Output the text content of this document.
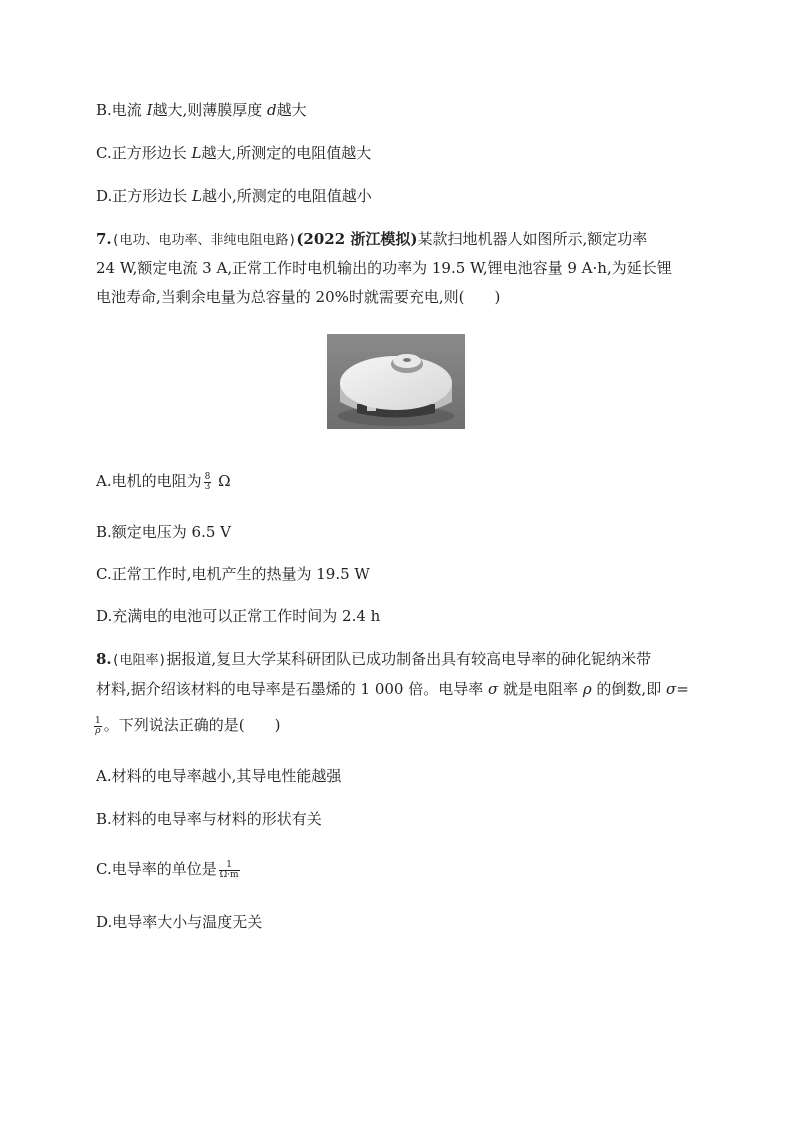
B.电流 I越大,则薄膜厚度 d越大
C.正方形边长 L越大,所测定的电阻值越大
D.正方形边长 L越小,所测定的电阻值越小
7.(电功、电功率、非纯电阻电路)(2022 浙江模拟)某款扫地机器人如图所示,额定功率
24 W,额定电流 3 A,正常工作时电机输出的功率为 19.5 W,锂电池容量 9 A·h,为延长锂
电池寿命,当剩余电量为总容量的 20%时就需要充电,则(　　)
A.电机的电阻为 $\frac{8}{3}$ Ω
B.额定电压为 6.5 V
C.正常工作时,电机产生的热量为 19.5 W
D.充满电的电池可以正常工作时间为 2.4 h
8.(电阻率)据报道,复旦大学某科研团队已成功制备出具有较高电导率的砷化铌纳米带
材料,据介绍该材料的电导率是石墨烯的 1 000 倍。电导率 σ 就是电阻率 ρ 的倒数,即 σ=
$\frac{1}{\rho}$ 。下列说法正确的是(　　)
A.材料的电导率越小,其导电性能越强
B.材料的电导率与材料的形状有关
C.电导率的单位是 $\frac{1}{\Omega\cdot m}$
D.电导率大小与温度无关
